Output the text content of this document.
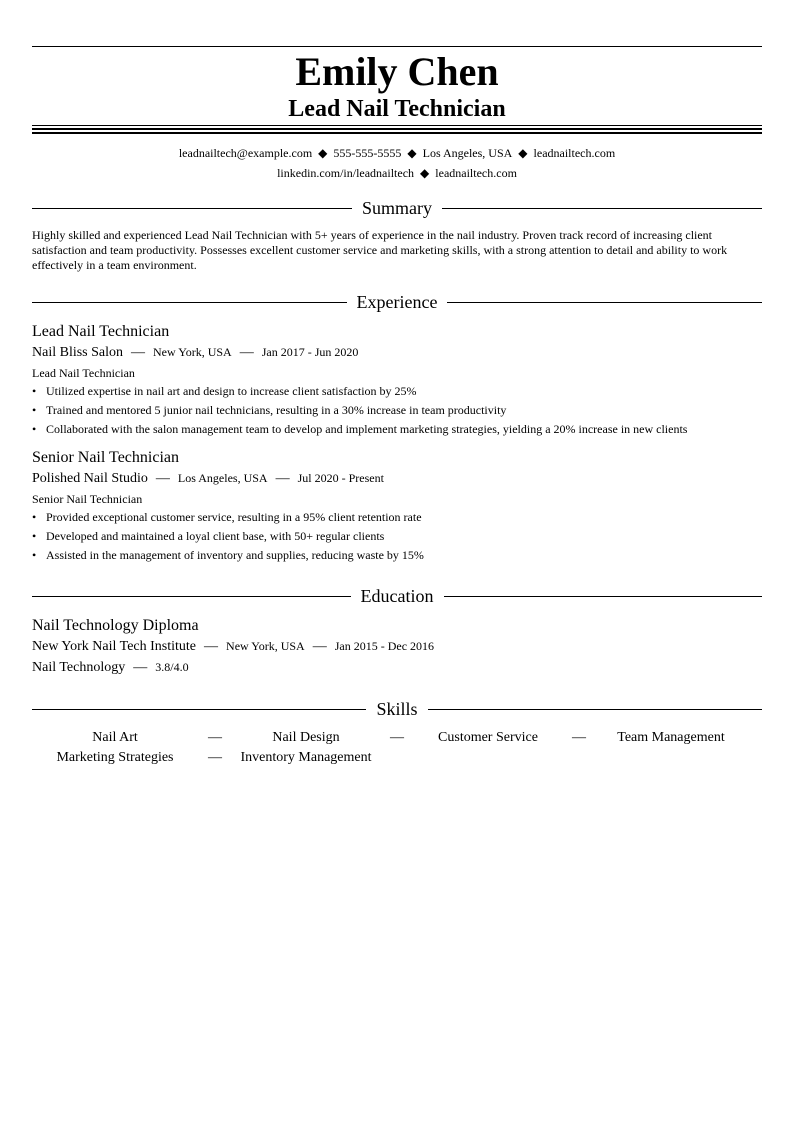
Emily Chen
Lead Nail Technician
leadnailtech@example.com ◆ 555-555-5555 ◆ Los Angeles, USA ◆ leadnailtech.com
linkedin.com/in/leadnailtech ◆ leadnailtech.com
Summary
Highly skilled and experienced Lead Nail Technician with 5+ years of experience in the nail industry. Proven track record of increasing client satisfaction and team productivity. Possesses excellent customer service and marketing skills, with a strong attention to detail and ability to work effectively in a team environment.
Experience
Lead Nail Technician
Nail Bliss Salon — New York, USA — Jan 2017 - Jun 2020
Lead Nail Technician
• Utilized expertise in nail art and design to increase client satisfaction by 25%
• Trained and mentored 5 junior nail technicians, resulting in a 30% increase in team productivity
• Collaborated with the salon management team to develop and implement marketing strategies, yielding a 20% increase in new clients
Senior Nail Technician
Polished Nail Studio — Los Angeles, USA — Jul 2020 - Present
Senior Nail Technician
• Provided exceptional customer service, resulting in a 95% client retention rate
• Developed and maintained a loyal client base, with 50+ regular clients
• Assisted in the management of inventory and supplies, reducing waste by 15%
Education
Nail Technology Diploma
New York Nail Tech Institute — New York, USA — Jan 2015 - Dec 2016
Nail Technology — 3.8/4.0
Skills
Nail Art	—	Nail Design	—	Customer Service	—	Team Management
Marketing Strategies	—	Inventory Management
